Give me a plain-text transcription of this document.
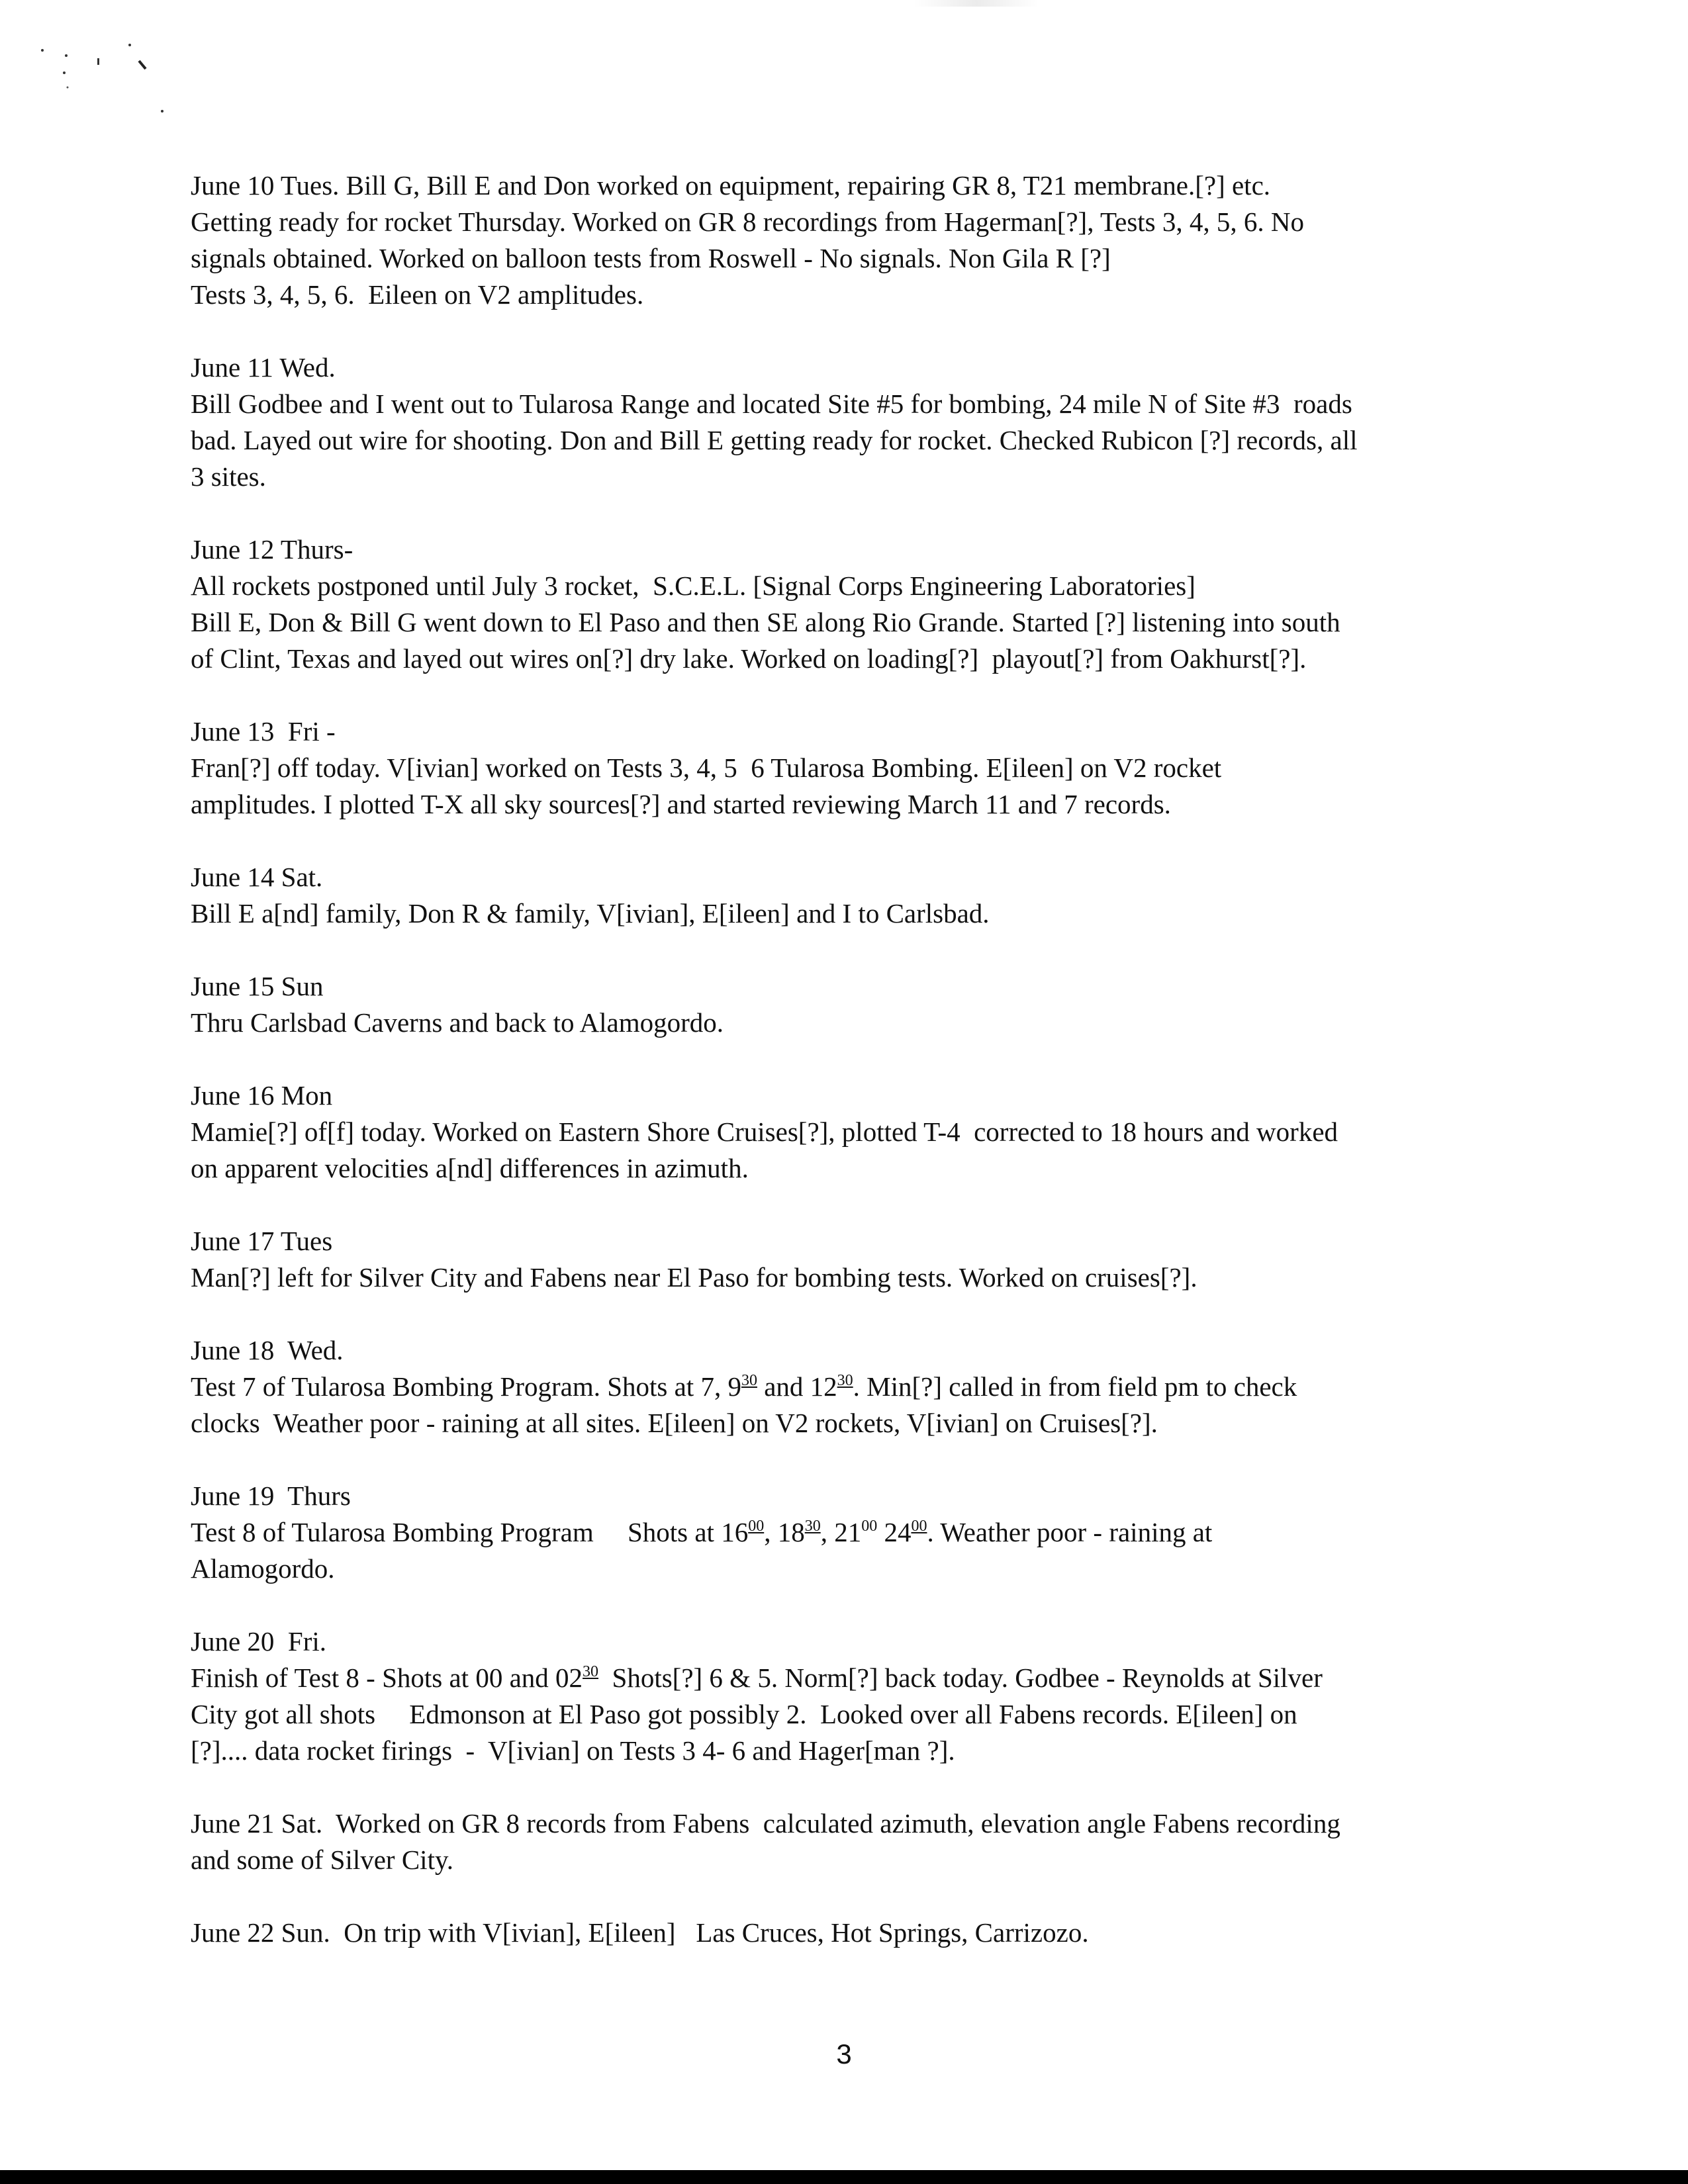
June 10 Tues. Bill G, Bill E and Don worked on equipment, repairing GR 8, T21 membrane.[?] etc.
Getting ready for rocket Thursday. Worked on GR 8 recordings from Hagerman[?], Tests 3, 4, 5, 6. No
signals obtained. Worked on balloon tests from Roswell - No signals. Non Gila R [?]
Tests 3, 4, 5, 6.  Eileen on V2 amplitudes.
June 11 Wed.
Bill Godbee and I went out to Tularosa Range and located Site #5 for bombing, 24 mile N of Site #3  roads
bad. Layed out wire for shooting. Don and Bill E getting ready for rocket. Checked Rubicon [?] records, all
3 sites.
June 12 Thurs-
All rockets postponed until July 3 rocket,  S.C.E.L. [Signal Corps Engineering Laboratories]
Bill E, Don & Bill G went down to El Paso and then SE along Rio Grande. Started [?] listening into south
of Clint, Texas and layed out wires on[?] dry lake. Worked on loading[?]  playout[?] from Oakhurst[?].
June 13  Fri -
Fran[?] off today. V[ivian] worked on Tests 3, 4, 5  6 Tularosa Bombing. E[ileen] on V2 rocket
amplitudes. I plotted T-X all sky sources[?] and started reviewing March 11 and 7 records.
June 14 Sat.
Bill E a[nd] family, Don R & family, V[ivian], E[ileen] and I to Carlsbad.
June 15 Sun
Thru Carlsbad Caverns and back to Alamogordo.
June 16 Mon
Mamie[?] of[f] today. Worked on Eastern Shore Cruises[?], plotted T-4  corrected to 18 hours and worked
on apparent velocities a[nd] differences in azimuth.
June 17 Tues
Man[?] left for Silver City and Fabens near El Paso for bombing tests. Worked on cruises[?].
June 18  Wed.
Test 7 of Tularosa Bombing Program. Shots at 7, $9^{30}$ and $12^{30}$. Min[?] called in from field pm to check
clocks  Weather poor - raining at all sites. E[ileen] on V2 rockets, V[ivian] on Cruises[?].
June 19  Thurs
Test 8 of Tularosa Bombing Program     Shots at $16^{00}$, $18^{30}$, $21^{00}$ $24^{00}$. Weather poor - raining at
Alamogordo.
June 20  Fri.
Finish of Test 8 - Shots at 00 and $02^{30}$  Shots[?] 6 & 5. Norm[?] back today. Godbee - Reynolds at Silver
City got all shots     Edmonson at El Paso got possibly 2.  Looked over all Fabens records. E[ileen] on
[?].... data rocket firings  -  V[ivian] on Tests 3 4- 6 and Hager[man ?].
June 21 Sat.  Worked on GR 8 records from Fabens  calculated azimuth, elevation angle Fabens recording
and some of Silver City.
June 22 Sun.  On trip with V[ivian], E[ileen]   Las Cruces, Hot Springs, Carrizozo.
3
